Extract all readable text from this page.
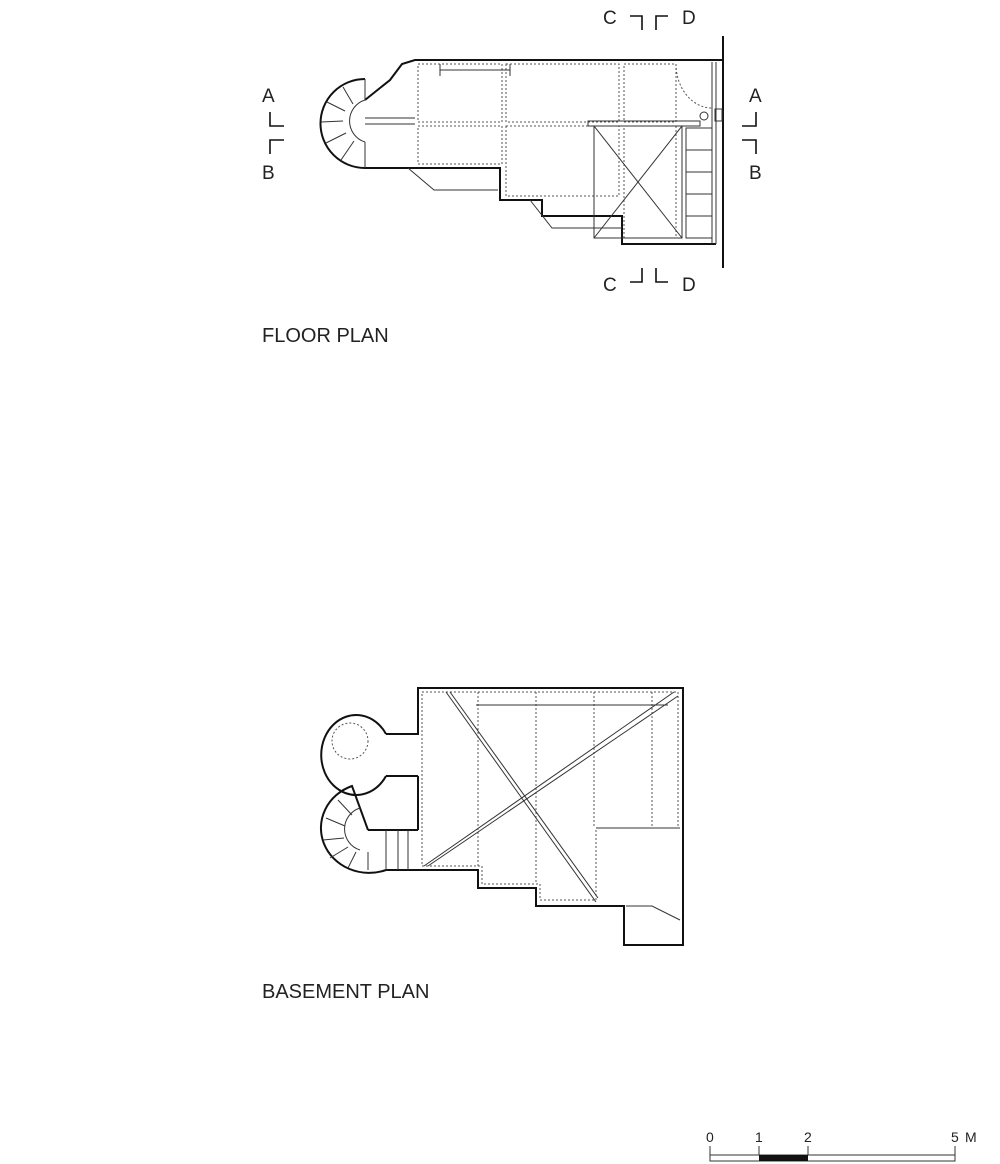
A
B
A
B
C	D
C	D
FLOOR PLAN
BASEMENT PLAN
0	1	2	5 M
